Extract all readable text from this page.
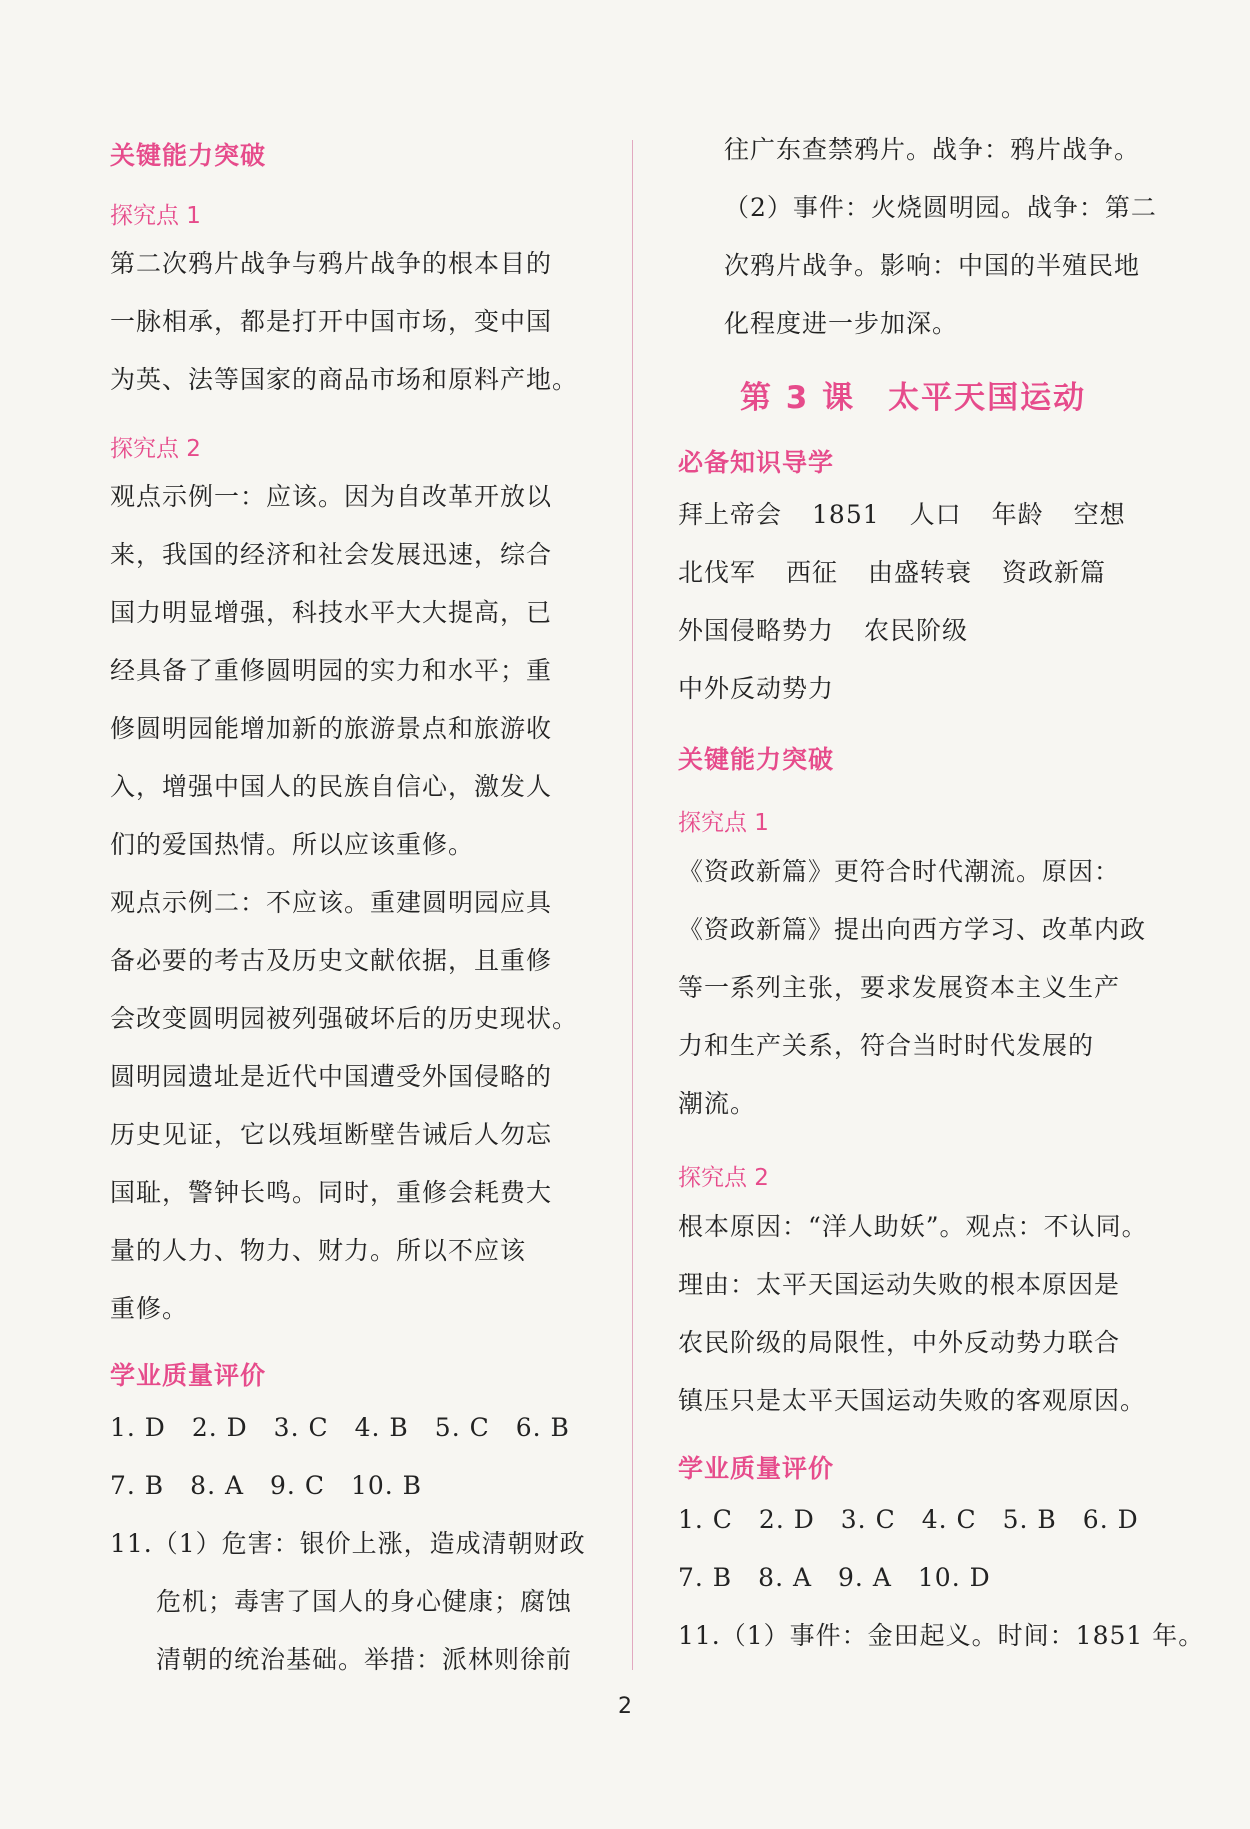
关键能力突破
探究点 1
第二次鸦片战争与鸦片战争的根本目的
一脉相承，都是打开中国市场，变中国
为英、法等国家的商品市场和原料产地。
探究点 2
观点示例一：应该。因为自改革开放以
来，我国的经济和社会发展迅速，综合
国力明显增强，科技水平大大提高，已
经具备了重修圆明园的实力和水平；重
修圆明园能增加新的旅游景点和旅游收
入，增强中国人的民族自信心，激发人
们的爱国热情。所以应该重修。
观点示例二：不应该。重建圆明园应具
备必要的考古及历史文献依据，且重修
会改变圆明园被列强破坏后的历史现状。
圆明园遗址是近代中国遭受外国侵略的
历史见证，它以残垣断壁告诫后人勿忘
国耻，警钟长鸣。同时，重修会耗费大
量的人力、物力、财力。所以不应该
重修。
学业质量评价
1. D　2. D　3. C　4. B　5. C　6. B
7. B　8. A　9. C　10. B
11.（1）危害：银价上涨，造成清朝财政
危机；毒害了国人的身心健康；腐蚀
清朝的统治基础。举措：派林则徐前
往广东查禁鸦片。战争：鸦片战争。
（2）事件：火烧圆明园。战争：第二
次鸦片战争。影响：中国的半殖民地
化程度进一步加深。
第 3 课　太平天国运动
必备知识导学
拜上帝会 1851 人口 年龄 空想
北伐军 西征 由盛转衰 资政新篇
外国侵略势力 农民阶级
中外反动势力
关键能力突破
探究点 1
《资政新篇》更符合时代潮流。原因：
《资政新篇》提出向西方学习、改革内政
等一系列主张，要求发展资本主义生产
力和生产关系，符合当时时代发展的
潮流。
探究点 2
根本原因：“洋人助妖”。观点：不认同。
理由：太平天国运动失败的根本原因是
农民阶级的局限性，中外反动势力联合
镇压只是太平天国运动失败的客观原因。
学业质量评价
1. C　2. D　3. C　4. C　5. B　6. D
7. B　8. A　9. A　10. D
11.（1）事件：金田起义。时间：1851 年。
2
